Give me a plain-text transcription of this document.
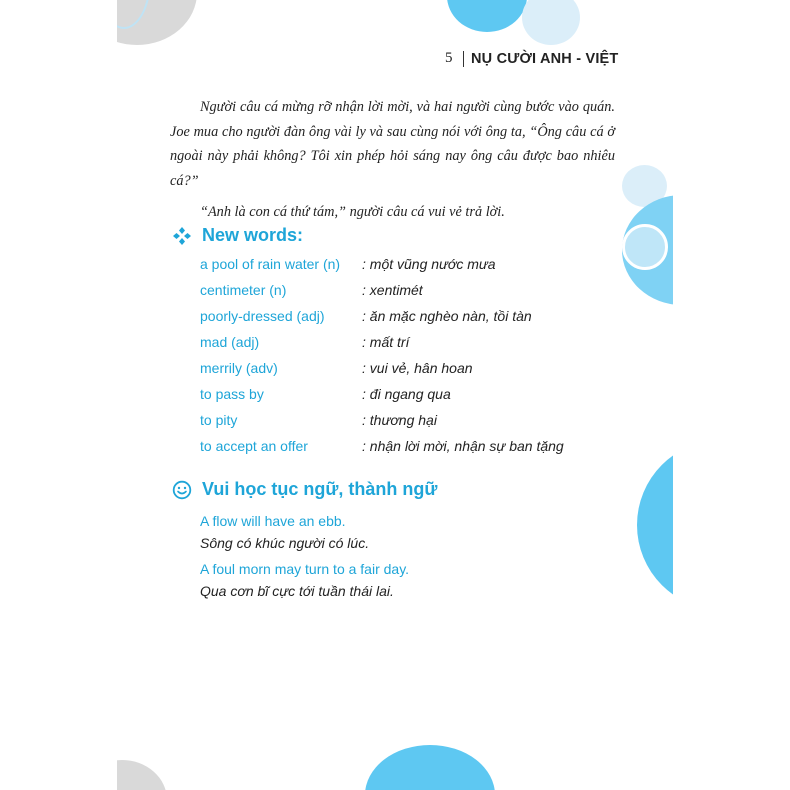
5 NỤ CƯỜI ANH - VIỆT

Người câu cá mừng rỡ nhận lời mời, và hai người cùng bước vào quán. Joe mua cho người đàn ông vài ly và sau cùng nói với ông ta, “Ông câu cá ở ngoài này phải không? Tôi xin phép hỏi sáng nay ông câu được bao nhiêu cá?”

“Anh là con cá thứ tám,” người câu cá vui vẻ trả lời.

New words:
a pool of rain water (n) : một vũng nước mưa
centimeter (n)	: xentimét
poorly-dressed (adj)	: ăn mặc nghèo nàn, tồi tàn
mad (adj)	: mất trí
merrily (adv)	: vui vẻ, hân hoan
to pass by	: đi ngang qua
to pity	: thương hại
to accept an offer	: nhận lời mời, nhận sự ban tặng
Vui học tục ngữ, thành ngữ
A flow will have an ebb.
Sông có khúc người có lúc.
A foul morn may turn to a fair day.
Qua cơn bĩ cực tới tuần thái lai.
